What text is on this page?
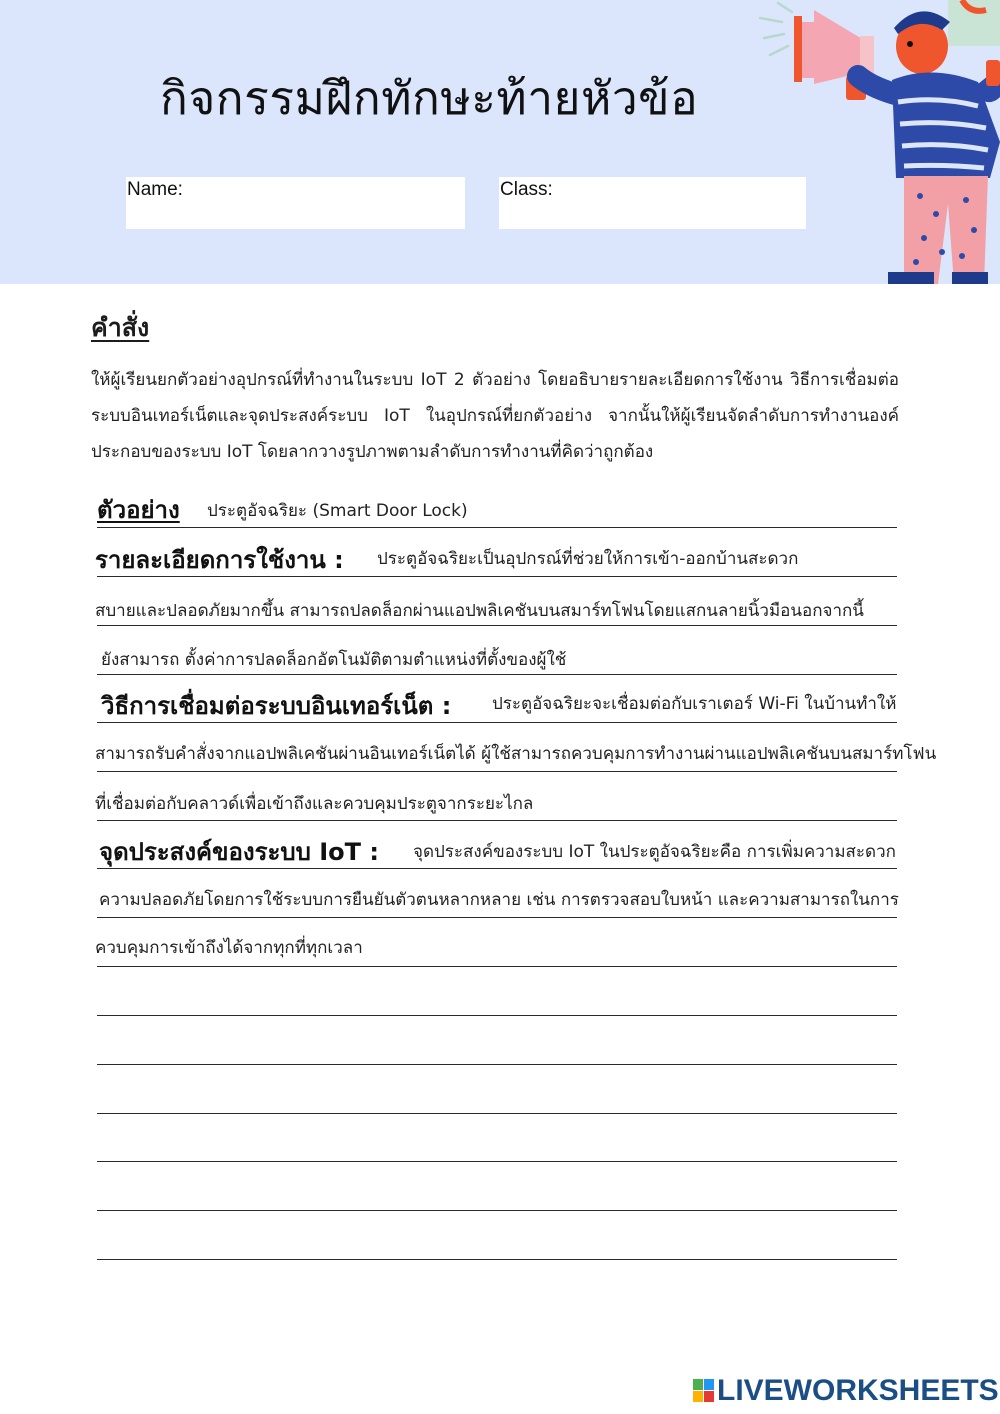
กิจกรรมฝึกทักษะท้ายหัวข้อ
Name:	Class:
คำสั่ง
ให้ผู้เรียนยกตัวอย่างอุปกรณ์ที่ทำงานในระบบ IoT 2 ตัวอย่าง โดยอธิบายรายละเอียดการใช้งาน วิธีการเชื่อมต่อ
ระบบอินเทอร์เน็ตและจุดประสงค์ระบบ IoT ในอุปกรณ์ที่ยกตัวอย่าง จากนั้นให้ผู้เรียนจัดลำดับการทำงานองค์
ประกอบของระบบ IoT โดยลากวางรูปภาพตามลำดับการทำงานที่คิดว่าถูกต้อง
ตัวอย่าง ประตูอัจฉริยะ (Smart Door Lock)
รายละเอียดการใช้งาน : ประตูอัจฉริยะเป็นอุปกรณ์ที่ช่วยให้การเข้า-ออกบ้านสะดวก
สบายและปลอดภัยมากขึ้น สามารถปลดล็อกผ่านแอปพลิเคชันบนสมาร์ทโฟนโดยแสกนลายนิ้วมือนอกจากนี้
ยังสามารถ ตั้งค่าการปลดล็อกอัตโนมัติตามตำแหน่งที่ตั้งของผู้ใช้
วิธีการเชื่อมต่อระบบอินเทอร์เน็ต : ประตูอัจฉริยะจะเชื่อมต่อกับเราเตอร์ Wi-Fi ในบ้านทำให้
สามารถรับคำสั่งจากแอปพลิเคชันผ่านอินเทอร์เน็ตได้ ผู้ใช้สามารถควบคุมการทำงานผ่านแอปพลิเคชันบนสมาร์ทโฟน
ที่เชื่อมต่อกับคลาวด์เพื่อเข้าถึงและควบคุมประตูจากระยะไกล
จุดประสงค์ของระบบ IoT : จุดประสงค์ของระบบ IoT ในประตูอัจฉริยะคือ การเพิ่มความสะดวก
ความปลอดภัยโดยการใช้ระบบการยืนยันตัวตนหลากหลาย เช่น การตรวจสอบใบหน้า และความสามารถในการ
ควบคุมการเข้าถึงได้จากทุกที่ทุกเวลา
LIVEWORKSHEETS
